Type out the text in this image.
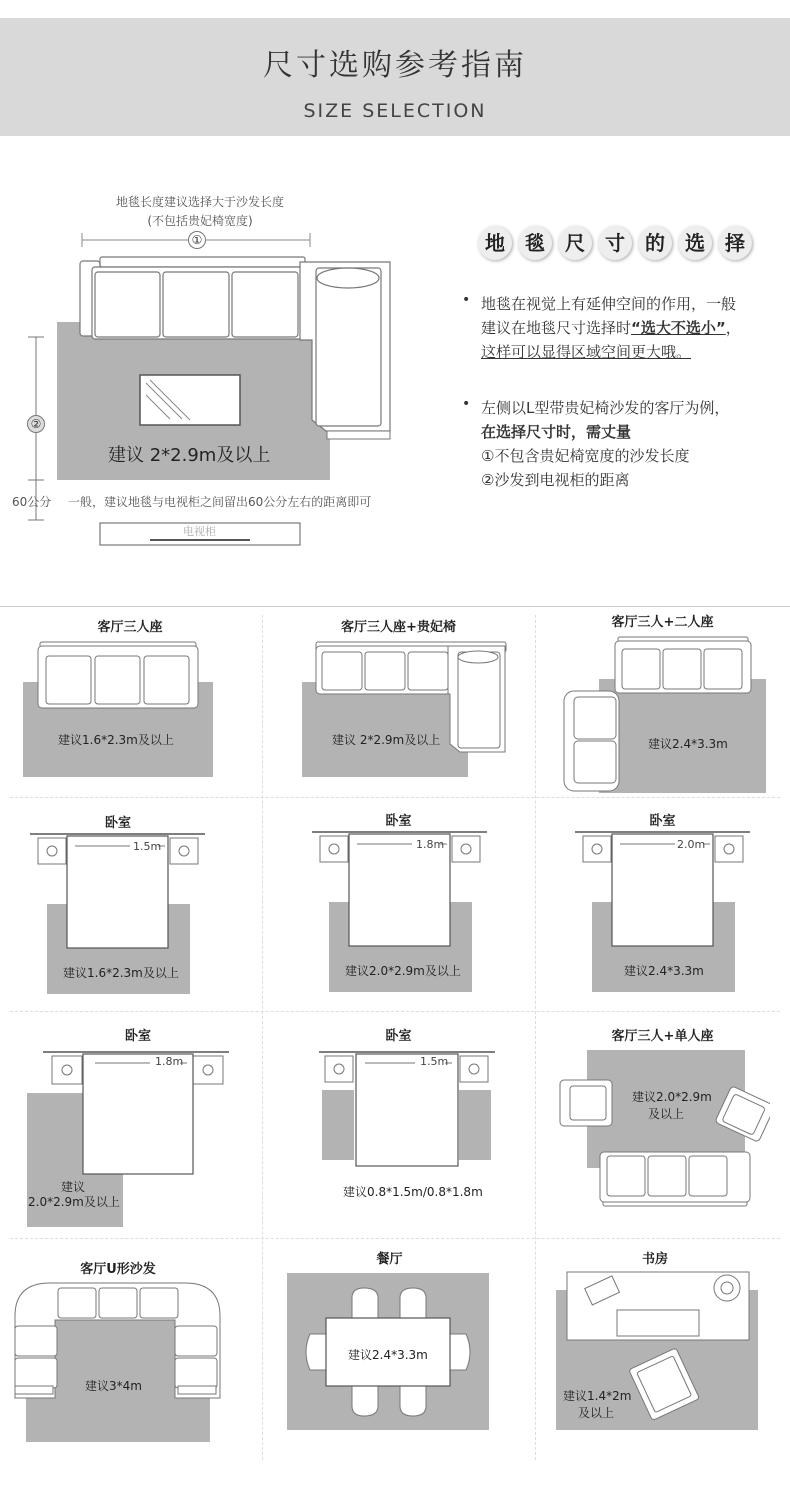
尺寸选购参考指南
SIZE SELECTION
地毯长度建议选择大于沙发长度
(不包括贵妃椅宽度)
①
②
建议 2*2.9m及以上
60公分 一般，建议地毯与电视柜之间留出60公分左右的距离即可
电视柜
地 毯 尺 寸 的 选 择
• 地毯在视觉上有延伸空间的作用，一般
建议在地毯尺寸选择时“选大不选小”，
这样可以显得区域空间更大哦。
• 左侧以L型带贵妃椅沙发的客厅为例，
在选择尺寸时，需丈量
①不包含贵妃椅宽度的沙发长度
②沙发到电视柜的距离
客厅三人座
建议1.6*2.3m及以上
客厅三人座+贵妃椅
建议 2*2.9m及以上
客厅三人+二人座
建议2.4*3.3m
卧室
1.5m
建议1.6*2.3m及以上
卧室
1.8m
建议2.0*2.9m及以上
卧室
2.0m
建议2.4*3.3m
卧室
1.8m
建议
2.0*2.9m及以上
卧室
1.5m
建议0.8*1.5m/0.8*1.8m
客厅三人+单人座
建议2.0*2.9m
及以上
客厅U形沙发
建议3*4m
餐厅
建议2.4*3.3m
书房
建议1.4*2m
及以上
